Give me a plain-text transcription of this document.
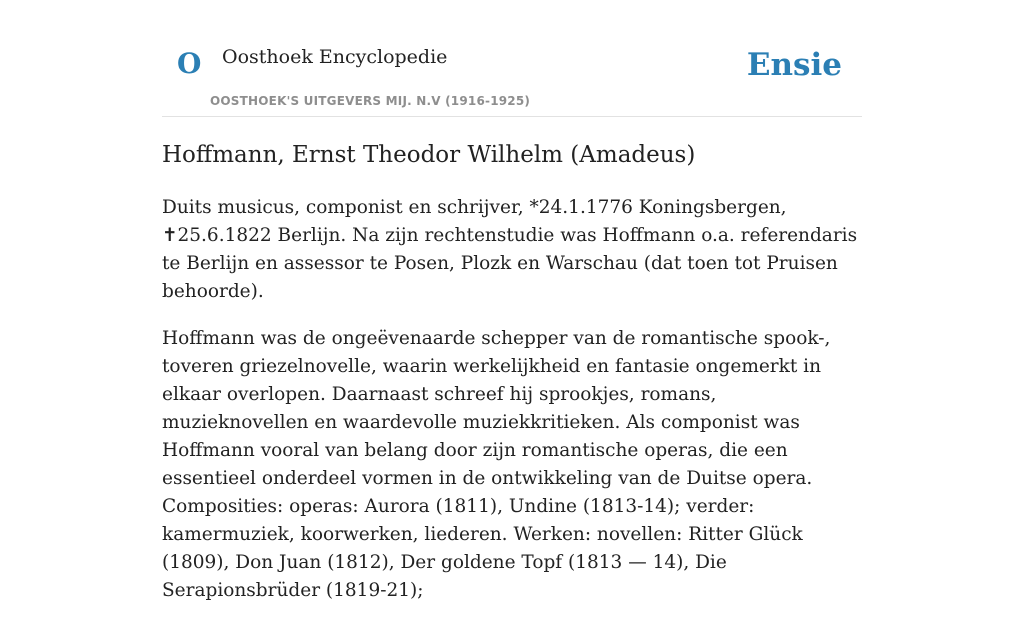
O Oosthoek Encyclopedie
OOSTHOEK'S UITGEVERS MIJ. N.V (1916-1925)
Ensie
Hoffmann, Ernst Theodor Wilhelm (Amadeus)

Duits musicus, componist en schrijver, *24.1.1776 Koningsbergen, ✝25.6.1822 Berlijn. Na zijn rechtenstudie was Hoffmann o.a. referendaris te Berlijn en assessor te Posen, Plozk en Warschau (dat toen tot Pruisen behoorde).

Hoffmann was de ongeëvenaarde schepper van de romantische spook-, toveren griezelnovelle, waarin werkelijkheid en fantasie ongemerkt in elkaar overlopen. Daarnaast schreef hij sprookjes, romans, muzieknovellen en waardevolle muziekkritieken. Als componist was Hoffmann vooral van belang door zijn romantische operas, die een essentieel onderdeel vormen in de ontwikkeling van de Duitse opera. Composities: operas: Aurora (1811), Undine (1813-14); verder: kamermuziek, koorwerken, liederen. Werken: novellen: Ritter Glück (1809), Don Juan (1812), Der goldene Topf (1813 — 14), Die Serapionsbrüder (1819-21);
